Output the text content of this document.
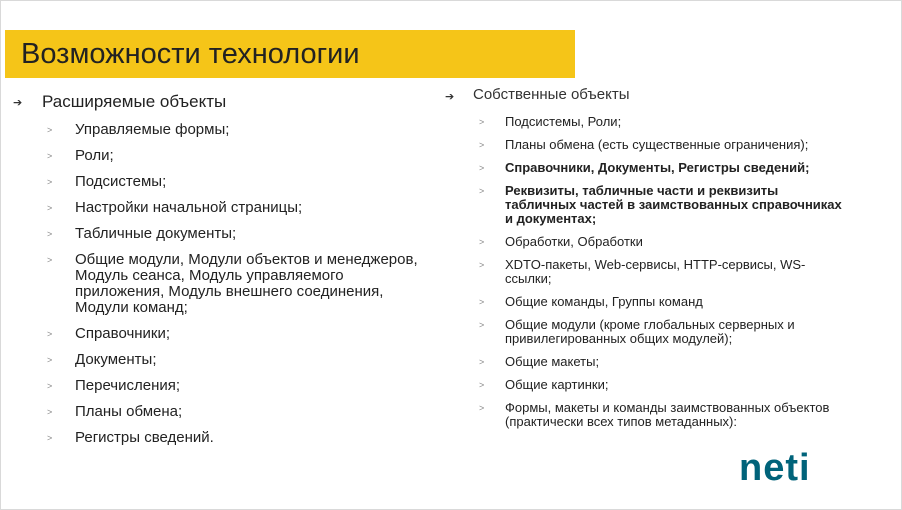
Возможности технологии
➔ Расширяемые объекты
>	Управляемые формы;
>	Роли;
>	Подсистемы;
>	Настройки начальной страницы;
>	Табличные документы;
>	Общие модули, Модули объектов и менеджеров, Модуль сеанса, Модуль управляемого приложения, Модуль внешнего соединения, Модули команд;
>	Справочники;
>	Документы;
>	Перечисления;
>	Планы обмена;
>	Регистры сведений.
➔	Собственные объекты
>	Подсистемы, Роли;
>	Планы обмена (есть существенные ограничения);
>	Справочники, Документы, Регистры сведений;
>	Реквизиты, табличные части и реквизиты табличных частей в заимствованных справочниках и документах;
>	Обработки, Обработки
>	XDTO-пакеты, Web-сервисы, HTTP-сервисы, WS-ссылки;
>	Общие команды, Группы команд
>	Общие модули (кроме глобальных серверных и привилегированных общих модулей);
>	Общие макеты;
>	Общие картинки;
>	Формы, макеты и команды заимствованных объектов (практически всех типов метаданных):
neti
